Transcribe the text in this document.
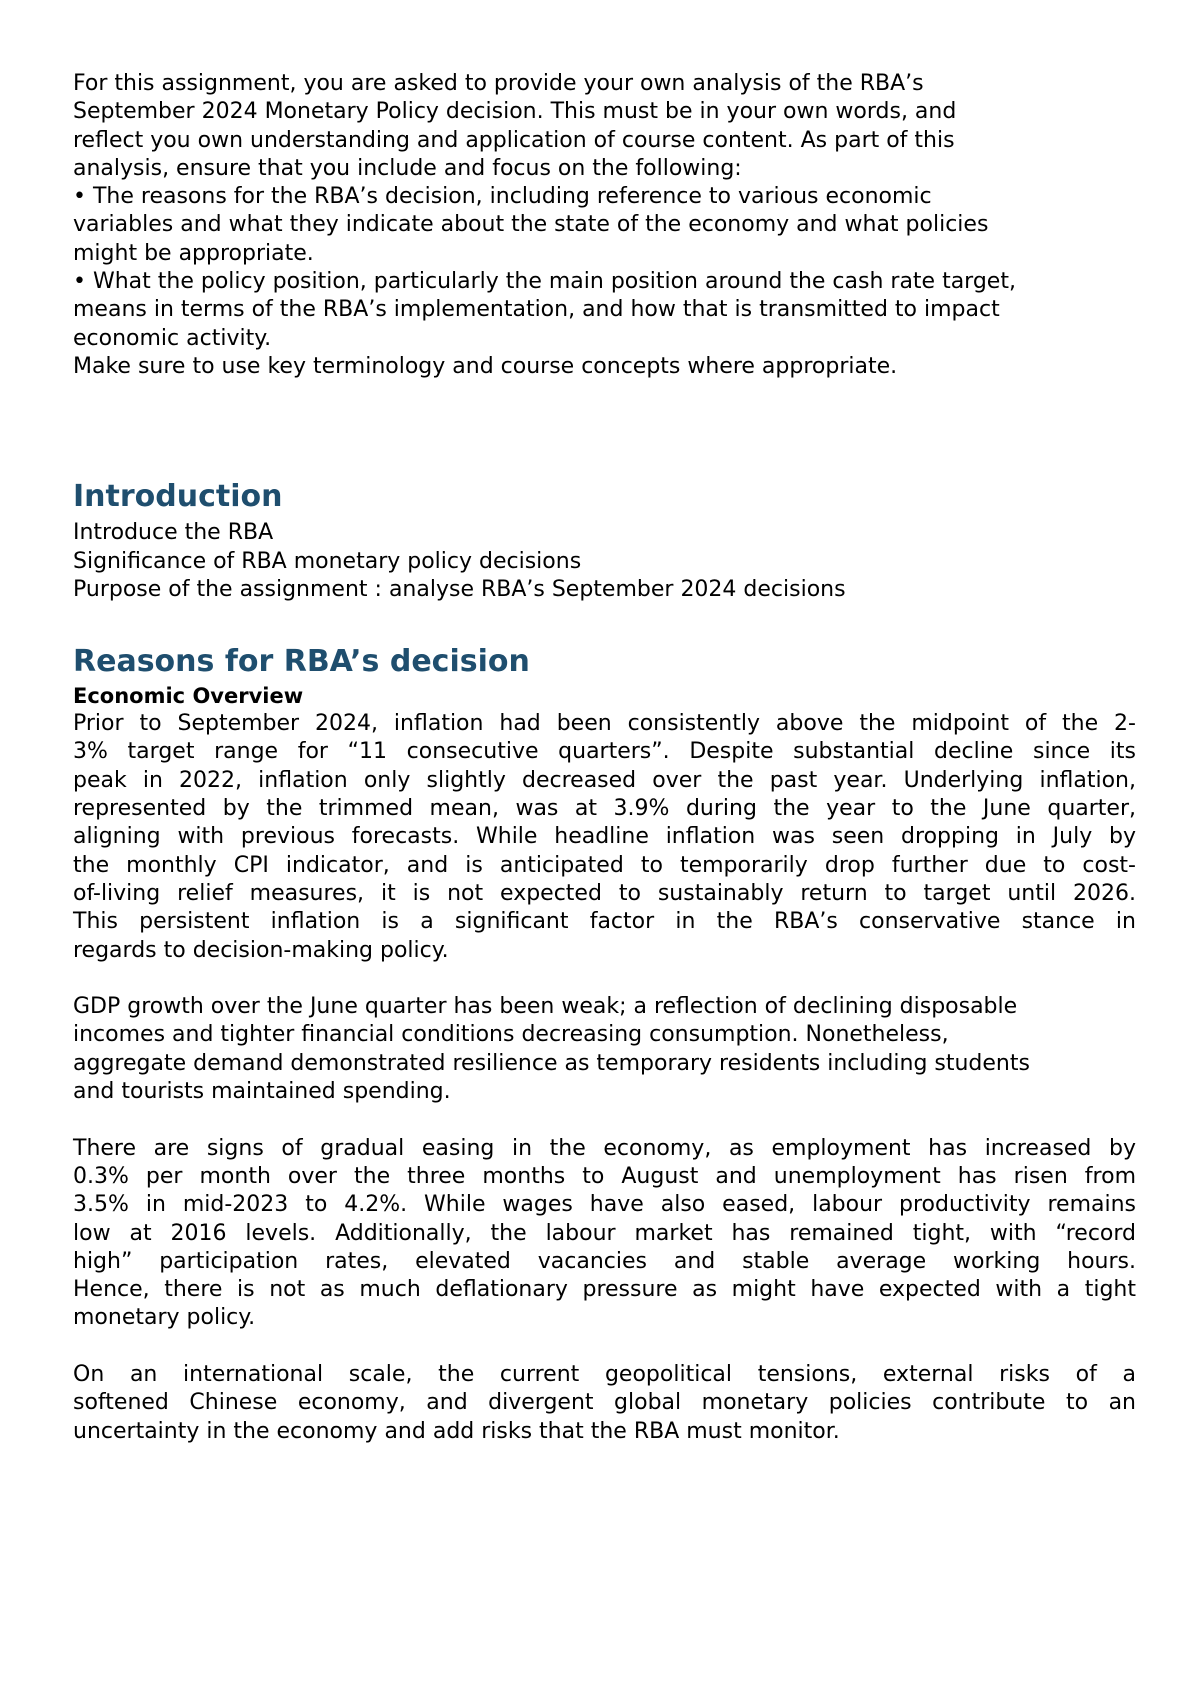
For this assignment, you are asked to provide your own analysis of the RBA’s

September 2024 Monetary Policy decision. This must be in your own words, and

reflect you own understanding and application of course content. As part of this

analysis, ensure that you include and focus on the following:

• The reasons for the RBA’s decision, including reference to various economic

variables and what they indicate about the state of the economy and what policies

might be appropriate.

• What the policy position, particularly the main position around the cash rate target,

means in terms of the RBA’s implementation, and how that is transmitted to impact

economic activity.

Make sure to use key terminology and course concepts where appropriate.

Introduction

Introduce the RBA

Significance of RBA monetary policy decisions

Purpose of the assignment : analyse RBA’s September 2024 decisions

Reasons for RBA’s decision

Economic Overview

Prior to September 2024, inflation had been consistently above the midpoint of the 2-

3% target range for “11 consecutive quarters”. Despite substantial decline since its

peak in 2022, inflation only slightly decreased over the past year. Underlying inflation,

represented by the trimmed mean, was at 3.9% during the year to the June quarter,

aligning with previous forecasts. While headline inflation was seen dropping in July by

the monthly CPI indicator, and is anticipated to temporarily drop further due to cost-

of-living relief measures, it is not expected to sustainably return to target until 2026.

This persistent inflation is a significant factor in the RBA’s conservative stance in

regards to decision-making policy.

GDP growth over the June quarter has been weak; a reflection of declining disposable

incomes and tighter financial conditions decreasing consumption. Nonetheless,

aggregate demand demonstrated resilience as temporary residents including students

and tourists maintained spending.

There are signs of gradual easing in the economy, as employment has increased by

0.3% per month over the three months to August and unemployment has risen from

3.5% in mid-2023 to 4.2%. While wages have also eased, labour productivity remains

low at 2016 levels. Additionally, the labour market has remained tight, with “record

high” participation rates, elevated vacancies and stable average working hours.

Hence, there is not as much deflationary pressure as might have expected with a tight

monetary policy.

On an international scale, the current geopolitical tensions, external risks of a

softened Chinese economy, and divergent global monetary policies contribute to an

uncertainty in the economy and add risks that the RBA must monitor.
